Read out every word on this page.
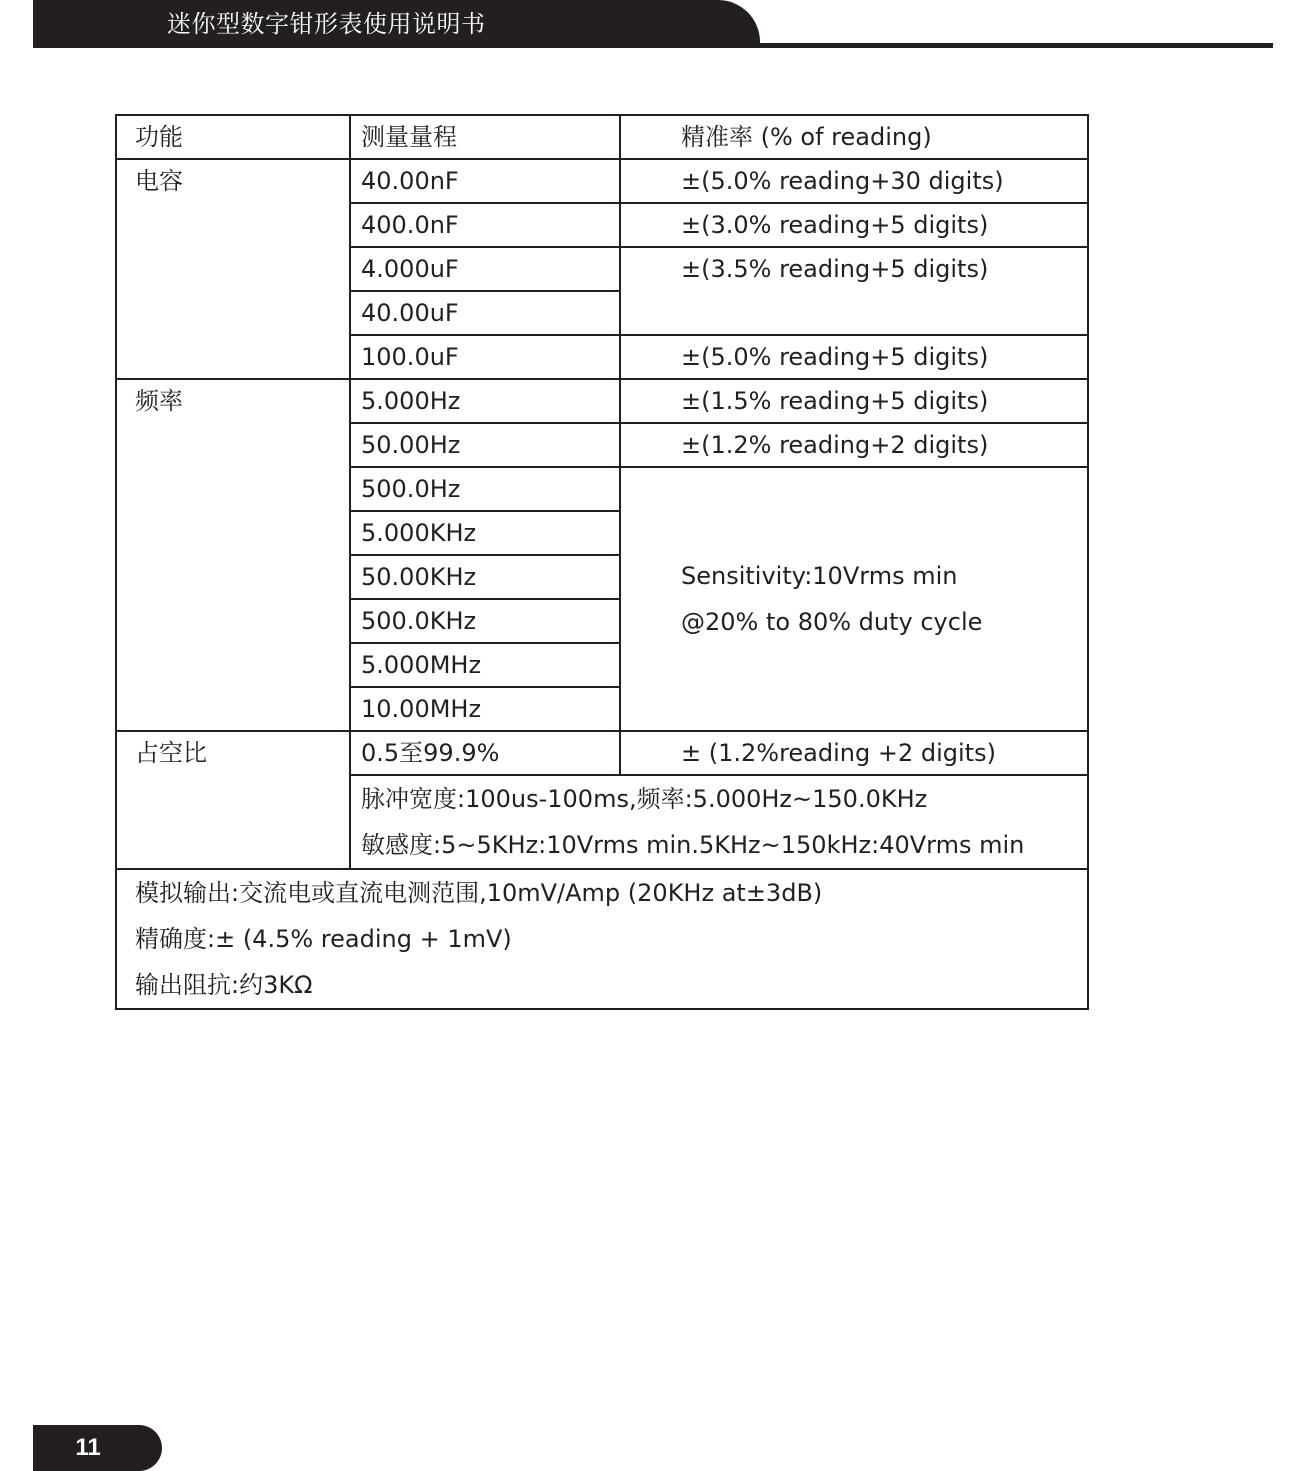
迷你型数字钳形表使用说明书
功能	测量量程	精准率 (% of reading)
电容	40.00nF	±(5.0% reading+30 digits)
	400.0nF	±(3.0% reading+5 digits)
	4.000uF	±(3.5% reading+5 digits)
	40.00uF	
	100.0uF	±(5.0% reading+5 digits)
频率	5.000Hz	±(1.5% reading+5 digits)
	50.00Hz	±(1.2% reading+2 digits)
	500.0Hz	Sensitivity:10Vrms min
@20% to 80% duty cycle

	5.000KHz	
	50.00KHz	
	500.0KHz	
	5.000MHz	
	10.00MHz	
占空比	0.5至99.9%	± (1.2%reading +2 digits)

	脉冲宽度:100us-100ms,频率:5.000Hz~150.0KHz
敏感度:5~5KHz:10Vrms min.5KHz~150kHz:40Vrms min	

模拟输出:交流电或直流电测范围,10mV/Amp (20KHz at±3dB)
精确度:± (4.5% reading + 1mV)
输出阻抗:约3KΩ		
11
